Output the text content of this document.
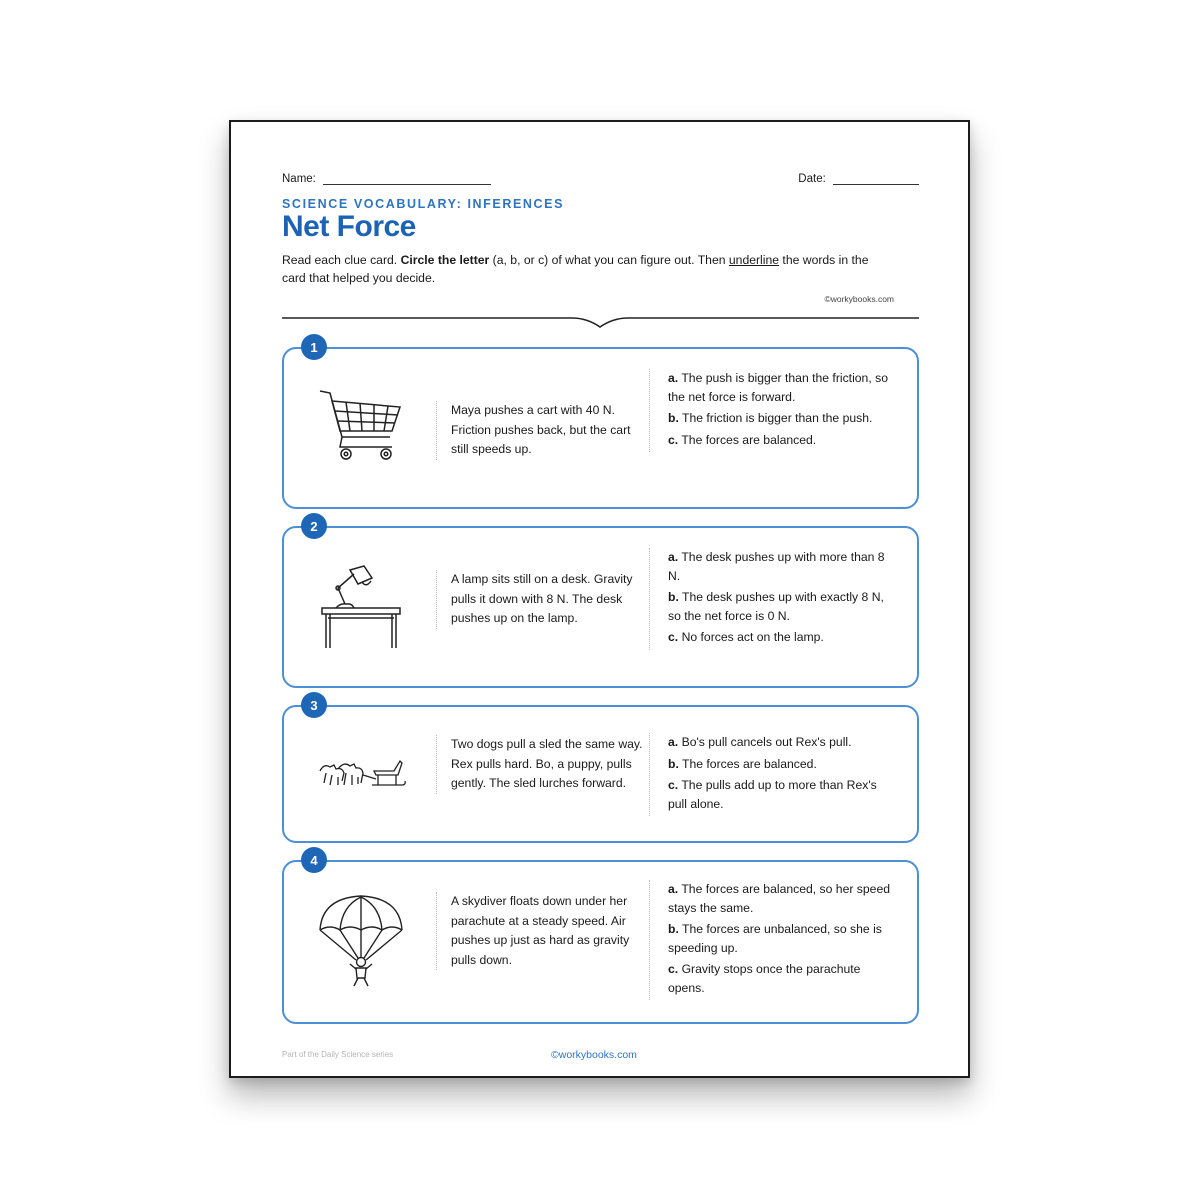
Name:	Date:
SCIENCE VOCABULARY: INFERENCES
Net Force
Read each clue card. Circle the letter (a, b, or c) of what you can figure out. Then underline the words in the card that helped you decide.
©workybooks.com
1
Maya pushes a cart with 40 N. Friction pushes back, but the cart still speeds up.
a. The push is bigger than the friction, so the net force is forward.
b. The friction is bigger than the push.
c. The forces are balanced.
2
A lamp sits still on a desk. Gravity pulls it down with 8 N. The desk pushes up on the lamp.
a. The desk pushes up with more than 8 N.
b. The desk pushes up with exactly 8 N, so the net force is 0 N.
c. No forces act on the lamp.
3
Two dogs pull a sled the same way. Rex pulls hard. Bo, a puppy, pulls gently. The sled lurches forward.
a. Bo's pull cancels out Rex's pull.
b. The forces are balanced.
c. The pulls add up to more than Rex's pull alone.
4
A skydiver floats down under her parachute at a steady speed. Air pushes up just as hard as gravity pulls down.
a. The forces are balanced, so her speed stays the same.
b. The forces are unbalanced, so she is speeding up.
c. Gravity stops once the parachute opens.
Part of the Daily Science series	©workybooks.com
